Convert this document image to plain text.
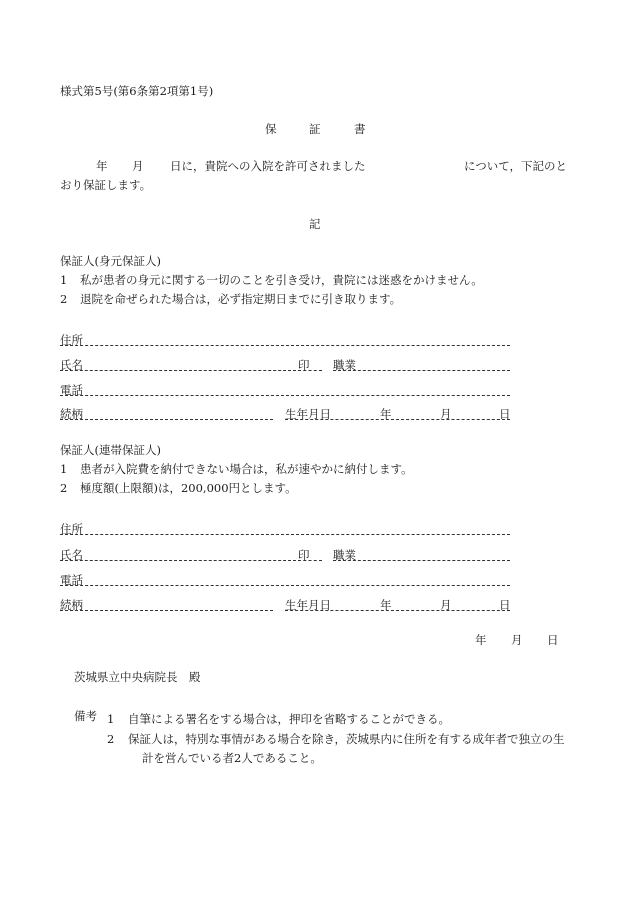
様式第5号(第6条第2項第1号)
保	証	書
年 月 日に，貴院への入院を許可されました	について，下記のと
おり保証します。
記
保証人(身元保証人)
1 私が患者の身元に関する一切のことを引き受け，貴院には迷惑をかけません。
2 退院を命ぜられた場合は，必ず指定期日までに引き取ります。
住所
氏名	印 職業
電話
続柄	生年月日	年	月	日
保証人(連帯保証人)
1 患者が入院費を納付できない場合は，私が速やかに納付します。
2 極度額(上限額)は，200,000円とします。
住所
氏名	印 職業
電話
続柄	生年月日	年	月	日
年 月 日
茨城県立中央病院長　殿
備考 1 自筆による署名をする場合は，押印を省略することができる。
2 保証人は，特別な事情がある場合を除き，茨城県内に住所を有する成年者で独立の生
計を営んでいる者2人であること。
